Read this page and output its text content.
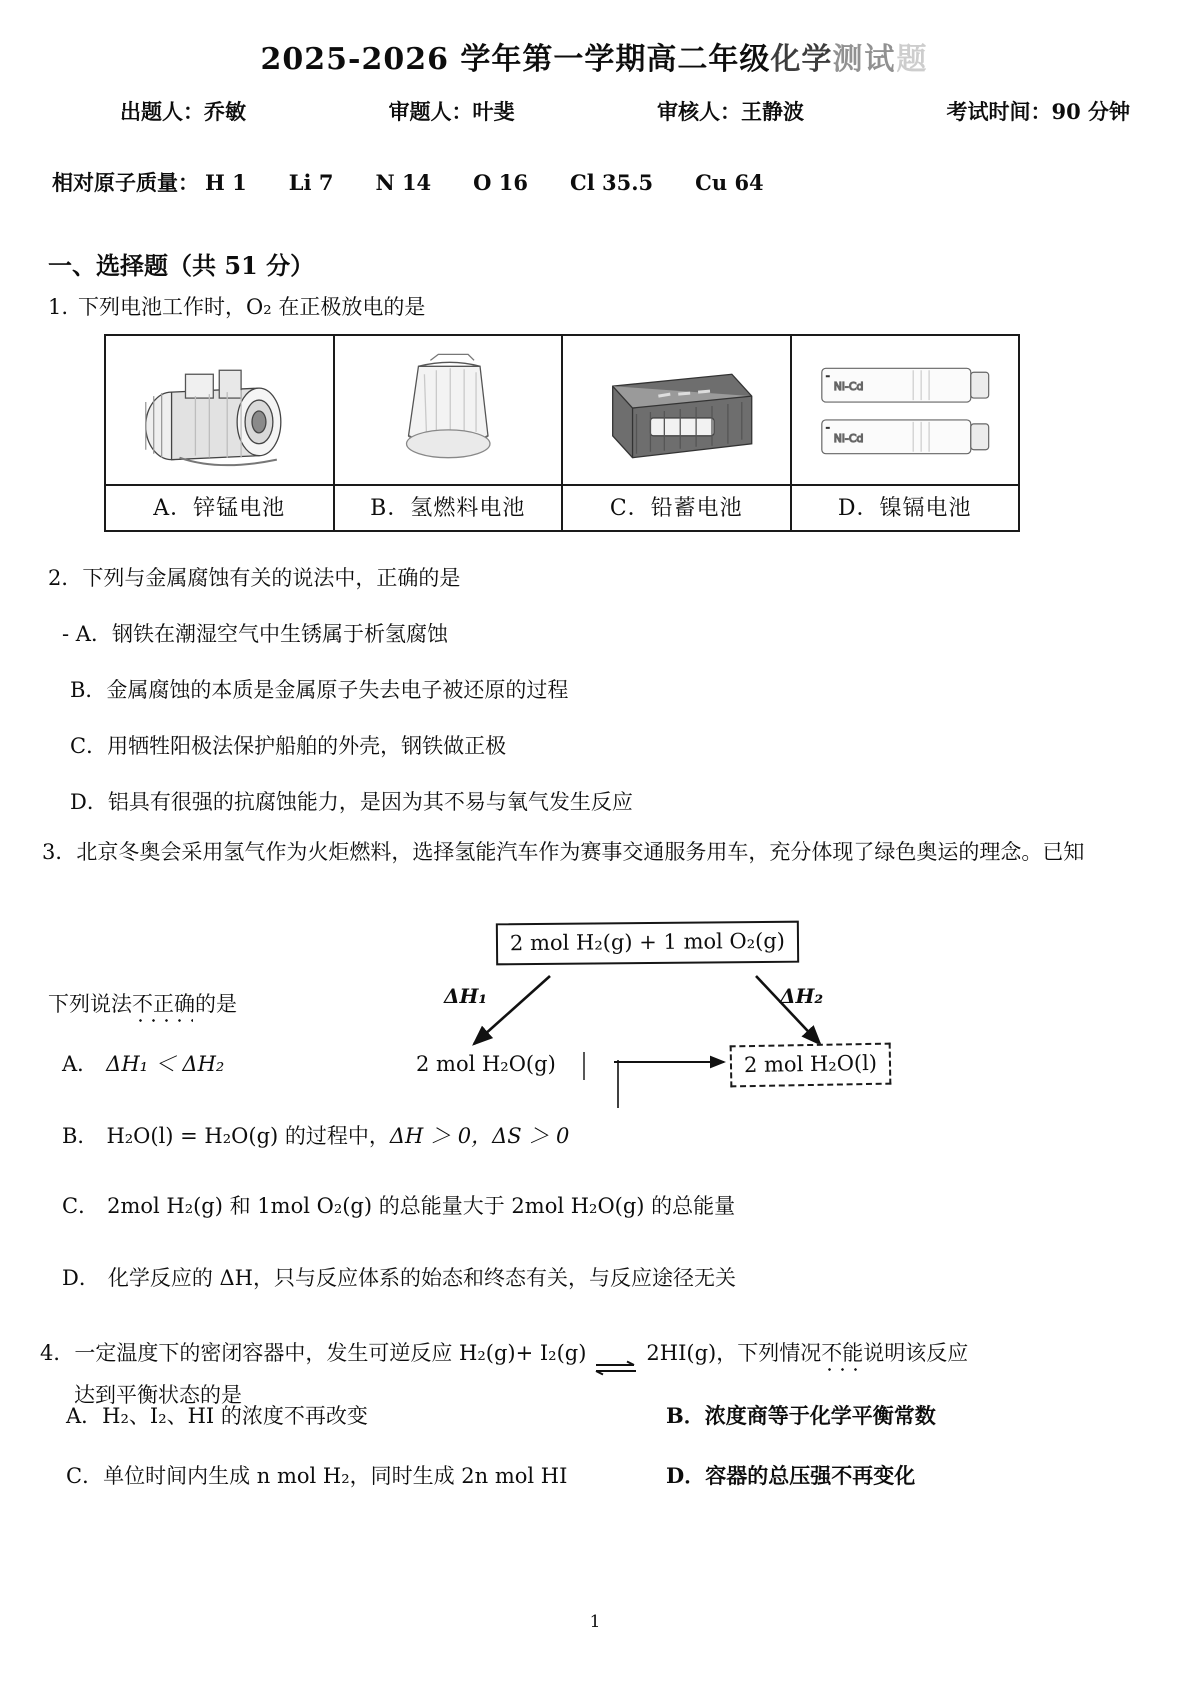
2025-2026 学年第一学期高二年级化学测试题
出题人：乔敏	审题人：叶斐	审核人：王静波	考试时间：90 分钟
相对原子质量： H 1 Li 7 N 14 O 16 Cl 35.5 Cu 64
一、选择题（共 51 分）
1. 下列电池工作时，O₂ 在正极放电的是

Ni-Cd
Ni-Cd

A．锌锰电池	B．氢燃料电池	C．铅蓄电池	D．镍镉电池
2．下列与金属腐蚀有关的说法中，正确的是
- A．钢铁在潮湿空气中生锈属于析氢腐蚀
B．金属腐蚀的本质是金属原子失去电子被还原的过程
C．用牺牲阳极法保护船舶的外壳，钢铁做正极
D．铝具有很强的抗腐蚀能力，是因为其不易与氧气发生反应
3．北京冬奥会采用氢气作为火炬燃料，选择氢能汽车作为赛事交通服务用车，充分体现了绿色奥运的理念。已知
下列说法不正确的是
2 mol H₂(g) + 1 mol O₂(g)
2 mol H₂O(g)	2 mol H₂O(l)
ΔH₁	ΔH₂
A． ΔH₁ ＜ ΔH₂
B． H₂O(l) = H₂O(g) 的过程中，ΔH ＞ 0，ΔS ＞ 0
C． 2mol H₂(g) 和 1mol O₂(g) 的总能量大于 2mol H₂O(g) 的总能量
D． 化学反应的 ΔH，只与反应体系的始态和终态有关，与反应途径无关
4．一定温度下的密闭容器中，发生可逆反应 H₂(g)+ I₂(g) ⇌ 2HI(g)，下列情况不能说明该反应
达到平衡状态的是
A．H₂、I₂、HI 的浓度不再改变	B．浓度商等于化学平衡常数
C．单位时间内生成 n mol H₂，同时生成 2n mol HI	D．容器的总压强不再变化
1
